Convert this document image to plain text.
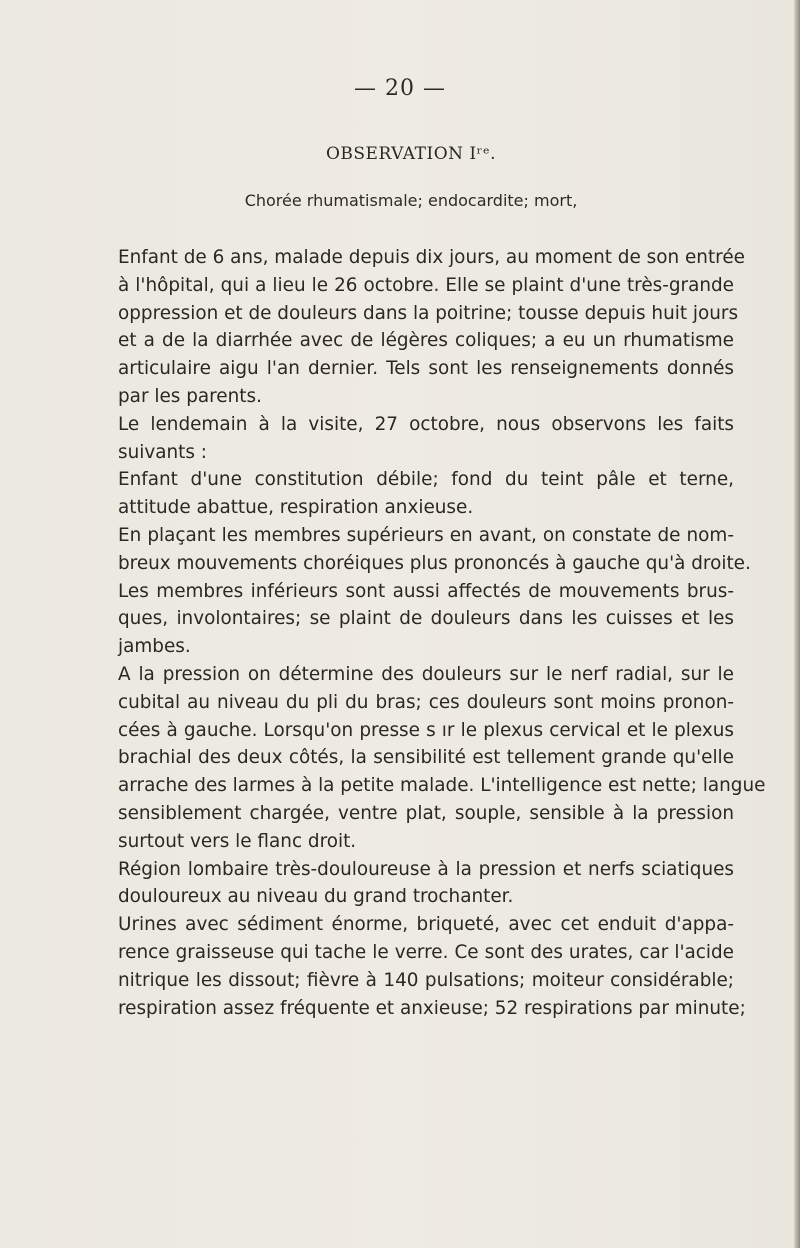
— 20 —
OBSERVATION Iʳᵉ.
Chorée rhumatismale; endocardite; mort,

Enfant de 6 ans, malade depuis dix jours, au moment de son entrée
à l'hôpital, qui a lieu le 26 octobre. Elle se plaint d'une très-grande
oppression et de douleurs dans la poitrine; tousse depuis huit jours
et a de la diarrhée avec de légères coliques; a eu un rhumatisme
articulaire aigu l'an dernier. Tels sont les renseignements donnés
par les parents.

Le lendemain à la visite, 27 octobre, nous observons les faits
suivants :

Enfant d'une constitution débile; fond du teint pâle et terne,
attitude abattue, respiration anxieuse.

En plaçant les membres supérieurs en avant, on constate de nom-
breux mouvements choréiques plus prononcés à gauche qu'à droite.
Les membres inférieurs sont aussi affectés de mouvements brus-
ques, involontaires; se plaint de douleurs dans les cuisses et les
jambes.

A la pression on détermine des douleurs sur le nerf radial, sur le
cubital au niveau du pli du bras; ces douleurs sont moins pronon-
cées à gauche. Lorsqu'on presse s ır le plexus cervical et le plexus
brachial des deux côtés, la sensibilité est tellement grande qu'elle
arrache des larmes à la petite malade. L'intelligence est nette; langue
sensiblement chargée, ventre plat, souple, sensible à la pression
surtout vers le flanc droit.

Région lombaire très-douloureuse à la pression et nerfs sciatiques
douloureux au niveau du grand trochanter.

Urines avec sédiment énorme, briqueté, avec cet enduit d'appa-
rence graisseuse qui tache le verre. Ce sont des urates, car l'acide
nitrique les dissout; fièvre à 140 pulsations; moiteur considérable;
respiration assez fréquente et anxieuse; 52 respirations par minute;
